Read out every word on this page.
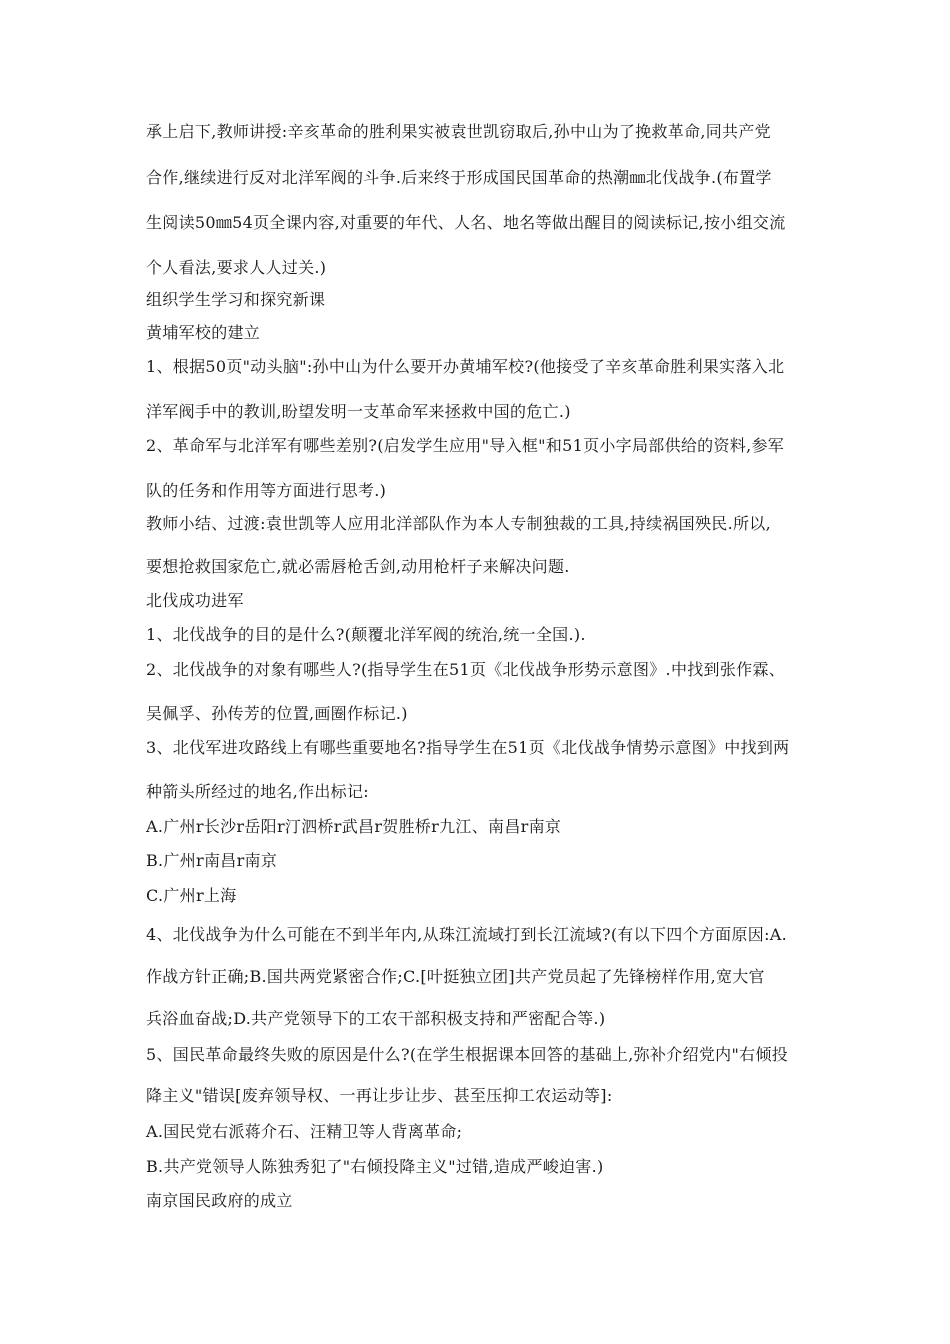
承上启下,教师讲授:辛亥革命的胜利果实被袁世凯窃取后,孙中山为了挽救革命,同共产党
合作,继续进行反对北洋军阀的斗争.后来终于形成国民国革命的热潮㎜北伐战争.(布置学
生阅读50㎜54页全课内容,对重要的年代、人名、地名等做出醒目的阅读标记,按小组交流
个人看法,要求人人过关.)
组织学生学习和探究新课
黄埔军校的建立
1、根据50页"动头脑":孙中山为什么要开办黄埔军校?(他接受了辛亥革命胜利果实落入北
洋军阀手中的教训,盼望发明一支革命军来拯救中国的危亡.)
2、革命军与北洋军有哪些差别?(启发学生应用"导入框"和51页小字局部供给的资料,参军
队的任务和作用等方面进行思考.)
教师小结、过渡:袁世凯等人应用北洋部队作为本人专制独裁的工具,持续祸国殃民.所以,
要想抢救国家危亡,就必需唇枪舌剑,动用枪杆子来解决问题.
北伐成功进军
1、北伐战争的目的是什么?(颠覆北洋军阀的统治,统一全国.).
2、北伐战争的对象有哪些人?(指导学生在51页《北伐战争形势示意图》.中找到张作霖、
吴佩孚、孙传芳的位置,画圈作标记.)
3、北伐军进攻路线上有哪些重要地名?指导学生在51页《北伐战争情势示意图》中找到两
种箭头所经过的地名,作出标记:
A.广州r长沙r岳阳r汀泗桥r武昌r贺胜桥r九江、南昌r南京
B.广州r南昌r南京
C.广州r上海
4、北伐战争为什么可能在不到半年内,从珠江流域打到长江流域?(有以下四个方面原因:A.
作战方针正确;B.国共两党紧密合作;C.[叶挺独立团]共产党员起了先锋榜样作用,宽大官
兵浴血奋战;D.共产党领导下的工农干部积极支持和严密配合等.)
5、国民革命最终失败的原因是什么?(在学生根据课本回答的基础上,弥补介绍党内"右倾投
降主义"错误[废弃领导权、一再让步让步、甚至压抑工农运动等]:
A.国民党右派蒋介石、汪精卫等人背离革命;
B.共产党领导人陈独秀犯了"右倾投降主义"过错,造成严峻迫害.)
南京国民政府的成立
